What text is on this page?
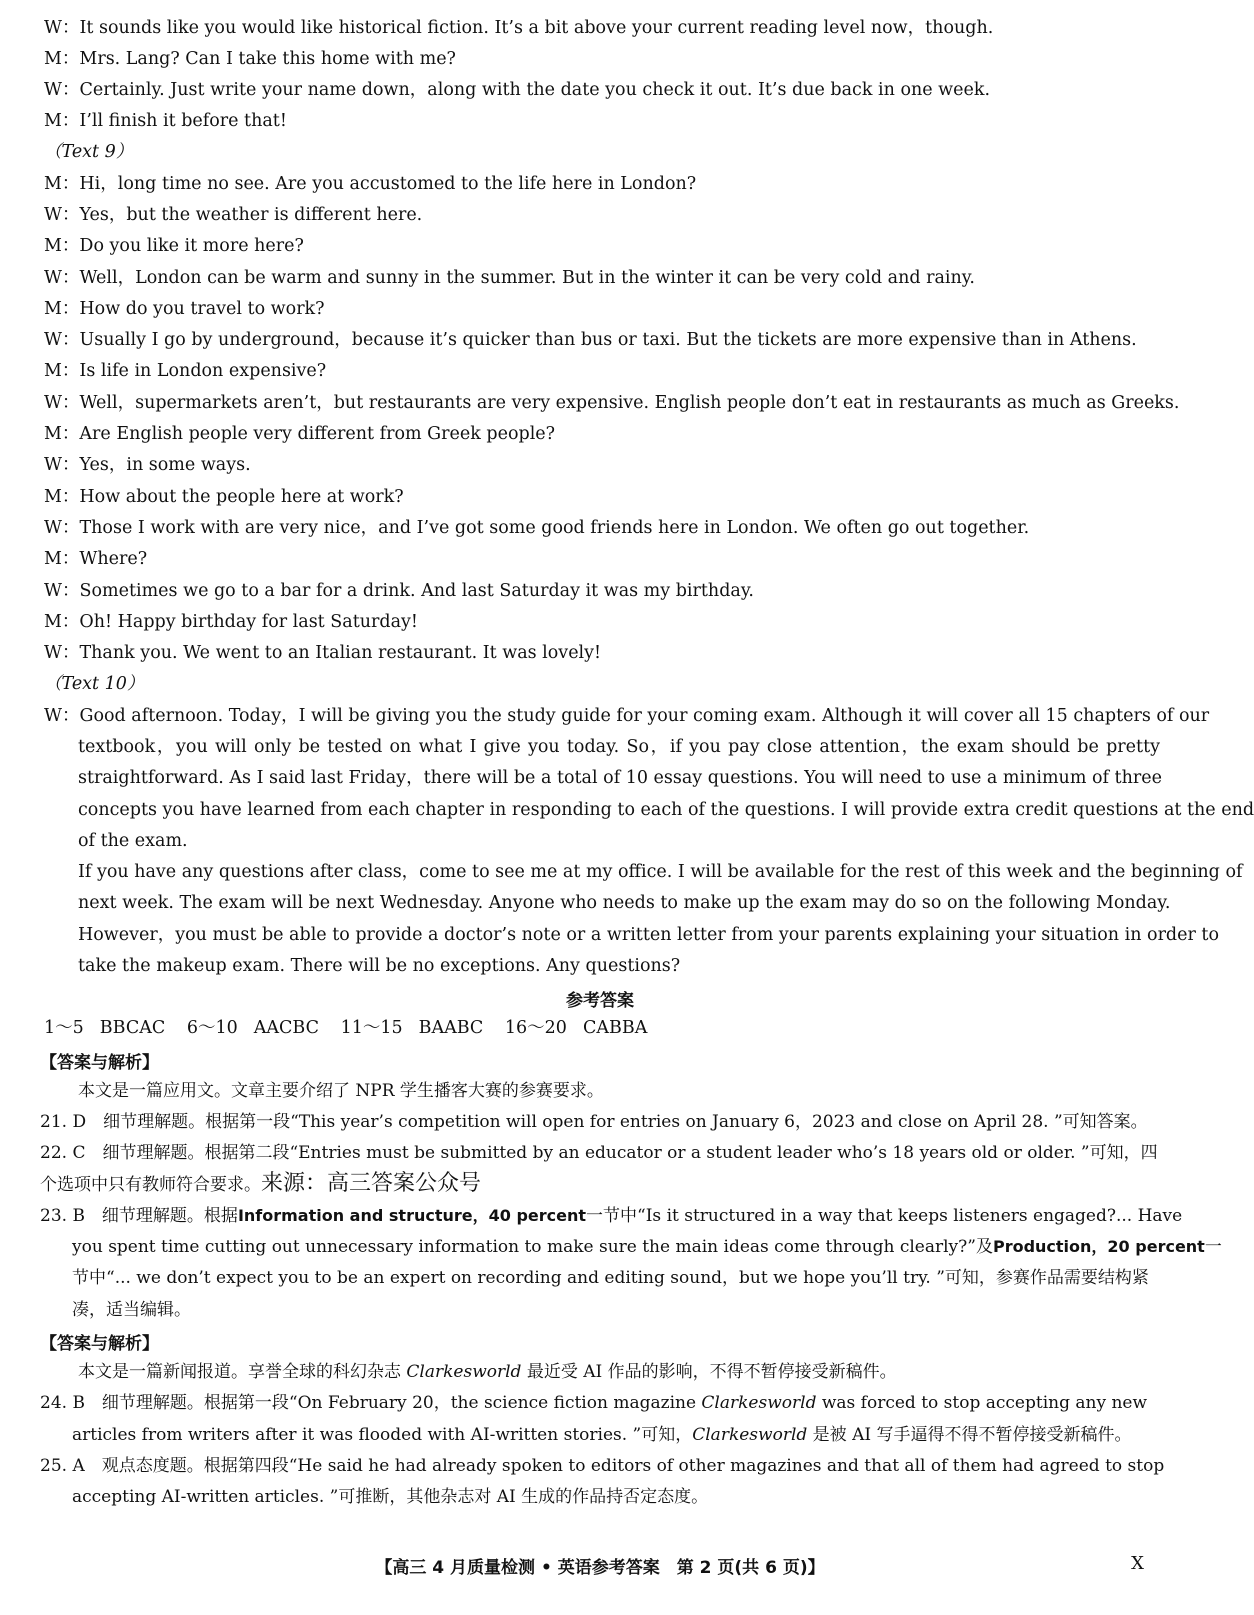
W：It sounds like you would like historical fiction. It’s a bit above your current reading level now，though.
M：Mrs. Lang? Can I take this home with me?
W：Certainly. Just write your name down，along with the date you check it out. It’s due back in one week.
M：I’ll finish it before that!
（Text 9）
M：Hi，long time no see. Are you accustomed to the life here in London?
W：Yes，but the weather is different here.
M：Do you like it more here?
W：Well，London can be warm and sunny in the summer. But in the winter it can be very cold and rainy.
M：How do you travel to work?
W：Usually I go by underground，because it’s quicker than bus or taxi. But the tickets are more expensive than in Athens.
M：Is life in London expensive?
W：Well，supermarkets aren’t，but restaurants are very expensive. English people don’t eat in restaurants as much as Greeks.
M：Are English people very different from Greek people?
W：Yes，in some ways.
M：How about the people here at work?
W：Those I work with are very nice，and I’ve got some good friends here in London. We often go out together.
M：Where?
W：Sometimes we go to a bar for a drink. And last Saturday it was my birthday.
M：Oh! Happy birthday for last Saturday!
W：Thank you. We went to an Italian restaurant. It was lovely!
（Text 10）
W：Good afternoon. Today，I will be giving you the study guide for your coming exam. Although it will cover all 15 chapters of our
textbook，you will only be tested on what I give you today. So，if you pay close attention，the exam should be pretty
straightforward. As I said last Friday，there will be a total of 10 essay questions. You will need to use a minimum of three
concepts you have learned from each chapter in responding to each of the questions. I will provide extra credit questions at the end
of the exam.
If you have any questions after class，come to see me at my office. I will be available for the rest of this week and the beginning of
next week. The exam will be next Wednesday. Anyone who needs to make up the exam may do so on the following Monday.
However，you must be able to provide a doctor’s note or a written letter from your parents explaining your situation in order to
take the makeup exam. There will be no exceptions. Any questions?
参考答案
1～5 BBCAC 6～10 AACBC 11～15 BAABC 16～20 CABBA
【答案与解析】
本文是一篇应用文。文章主要介绍了 NPR 学生播客大赛的参赛要求。
21. D　细节理解题。根据第一段“This year’s competition will open for entries on January 6，2023 and close on April 28. ”可知答案。
22. C　细节理解题。根据第二段“Entries must be submitted by an educator or a student leader who’s 18 years old or older. ”可知，四
个选项中只有教师符合要求。来源：高三答案公众号
23. B　细节理解题。根据Information and structure，40 percent一节中“Is it structured in a way that keeps listeners engaged?... Have
you spent time cutting out unnecessary information to make sure the main ideas come through clearly?”及Production，20 percent一
节中“... we don’t expect you to be an expert on recording and editing sound，but we hope you’ll try. ”可知，参赛作品需要结构紧
凑，适当编辑。
【答案与解析】
本文是一篇新闻报道。享誉全球的科幻杂志 Clarkesworld 最近受 AI 作品的影响，不得不暂停接受新稿件。
24. B　细节理解题。根据第一段“On February 20，the science fiction magazine Clarkesworld was forced to stop accepting any new
articles from writers after it was flooded with AI-written stories. ”可知，Clarkesworld 是被 AI 写手逼得不得不暂停接受新稿件。
25. A　观点态度题。根据第四段“He said he had already spoken to editors of other magazines and that all of them had agreed to stop
accepting AI-written articles. ”可推断，其他杂志对 AI 生成的作品持否定态度。
【高三 4 月质量检测 • 英语参考答案　第 2 页(共 6 页)】	X
